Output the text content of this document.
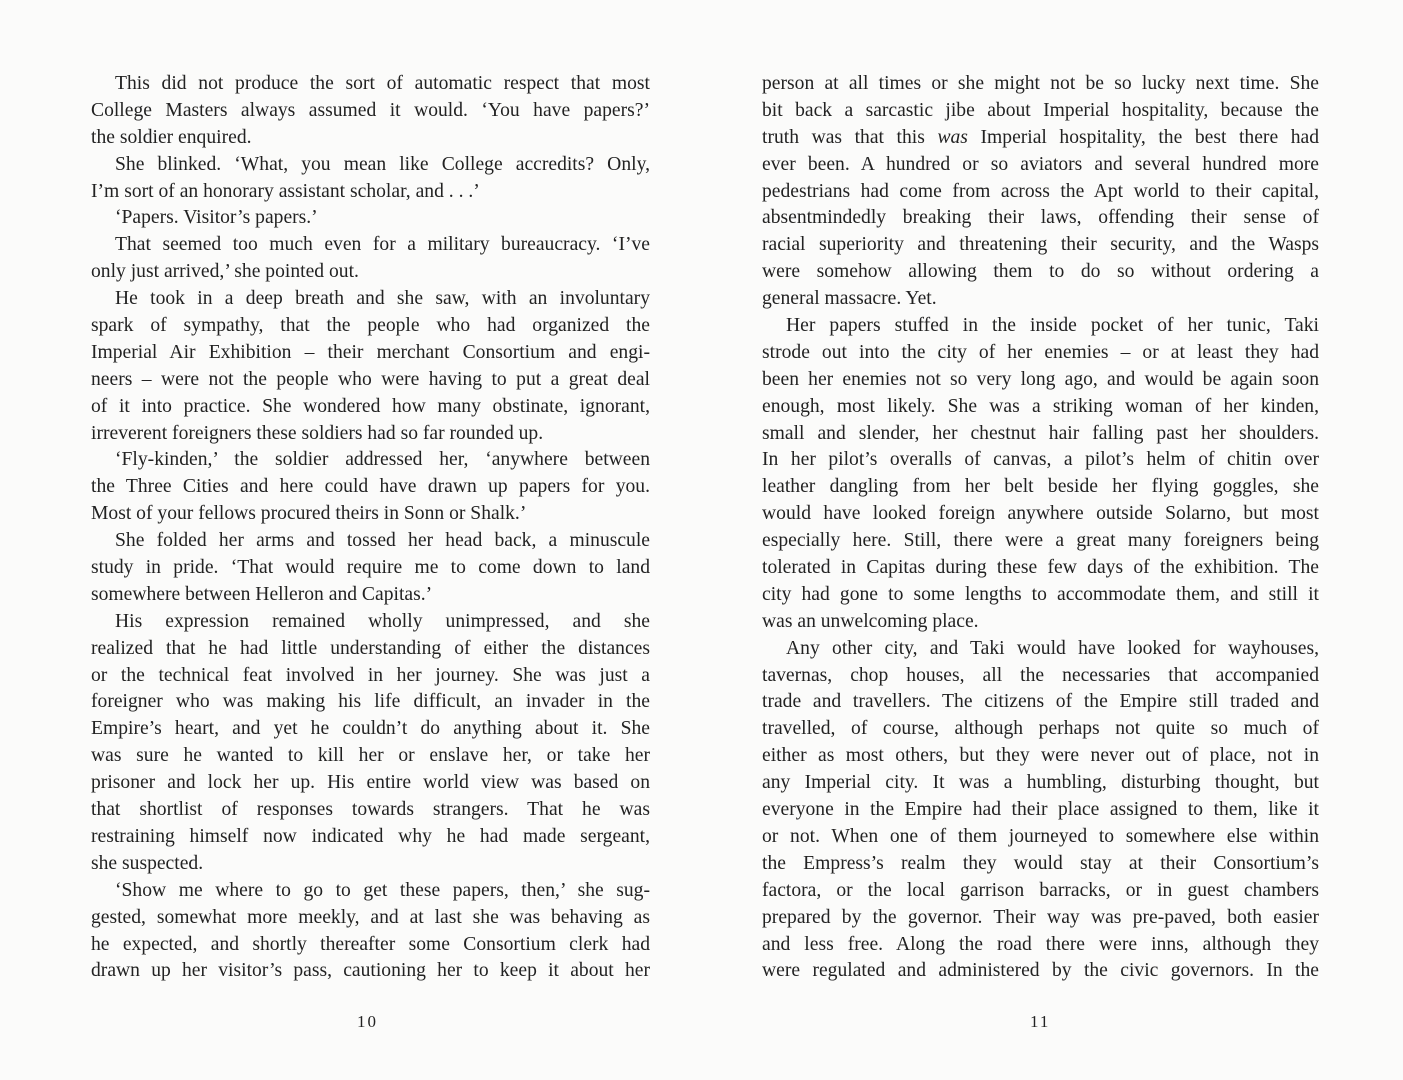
This did not produce the sort of automatic respect that most
College Masters always assumed it would. ‘You have papers?’
the soldier enquired.
She blinked. ‘What, you mean like College accredits? Only,
I’m sort of an honorary assistant scholar, and . . .’
‘Papers. Visitor’s papers.’
That seemed too much even for a military bureaucracy. ‘I’ve
only just arrived,’ she pointed out.
He took in a deep breath and she saw, with an involuntary
spark of sympathy, that the people who had organized the
Imperial Air Exhibition – their merchant Consortium and engi-
neers – were not the people who were having to put a great deal
of it into practice. She wondered how many obstinate, ignorant,
irreverent foreigners these soldiers had so far rounded up.
‘Fly-kinden,’ the soldier addressed her, ‘anywhere between
the Three Cities and here could have drawn up papers for you.
Most of your fellows procured theirs in Sonn or Shalk.’
She folded her arms and tossed her head back, a minuscule
study in pride. ‘That would require me to come down to land
somewhere between Helleron and Capitas.’
His expression remained wholly unimpressed, and she
realized that he had little understanding of either the distances
or the technical feat involved in her journey. She was just a
foreigner who was making his life difficult, an invader in the
Empire’s heart, and yet he couldn’t do anything about it. She
was sure he wanted to kill her or enslave her, or take her
prisoner and lock her up. His entire world view was based on
that shortlist of responses towards strangers. That he was
restraining himself now indicated why he had made sergeant,
she suspected.
‘Show me where to go to get these papers, then,’ she sug-
gested, somewhat more meekly, and at last she was behaving as
he expected, and shortly thereafter some Consortium clerk had
drawn up her visitor’s pass, cautioning her to keep it about her
10
person at all times or she might not be so lucky next time. She
bit back a sarcastic jibe about Imperial hospitality, because the
truth was that this was Imperial hospitality, the best there had
ever been. A hundred or so aviators and several hundred more
pedestrians had come from across the Apt world to their capital,
absentmindedly breaking their laws, offending their sense of
racial superiority and threatening their security, and the Wasps
were somehow allowing them to do so without ordering a
general massacre. Yet.
Her papers stuffed in the inside pocket of her tunic, Taki
strode out into the city of her enemies – or at least they had
been her enemies not so very long ago, and would be again soon
enough, most likely. She was a striking woman of her kinden,
small and slender, her chestnut hair falling past her shoulders.
In her pilot’s overalls of canvas, a pilot’s helm of chitin over
leather dangling from her belt beside her flying goggles, she
would have looked foreign anywhere outside Solarno, but most
especially here. Still, there were a great many foreigners being
tolerated in Capitas during these few days of the exhibition. The
city had gone to some lengths to accommodate them, and still it
was an unwelcoming place.
Any other city, and Taki would have looked for wayhouses,
tavernas, chop houses, all the necessaries that accompanied
trade and travellers. The citizens of the Empire still traded and
travelled, of course, although perhaps not quite so much of
either as most others, but they were never out of place, not in
any Imperial city. It was a humbling, disturbing thought, but
everyone in the Empire had their place assigned to them, like it
or not. When one of them journeyed to somewhere else within
the Empress’s realm they would stay at their Consortium’s
factora, or the local garrison barracks, or in guest chambers
prepared by the governor. Their way was pre-paved, both easier
and less free. Along the road there were inns, although they
were regulated and administered by the civic governors. In the
11
